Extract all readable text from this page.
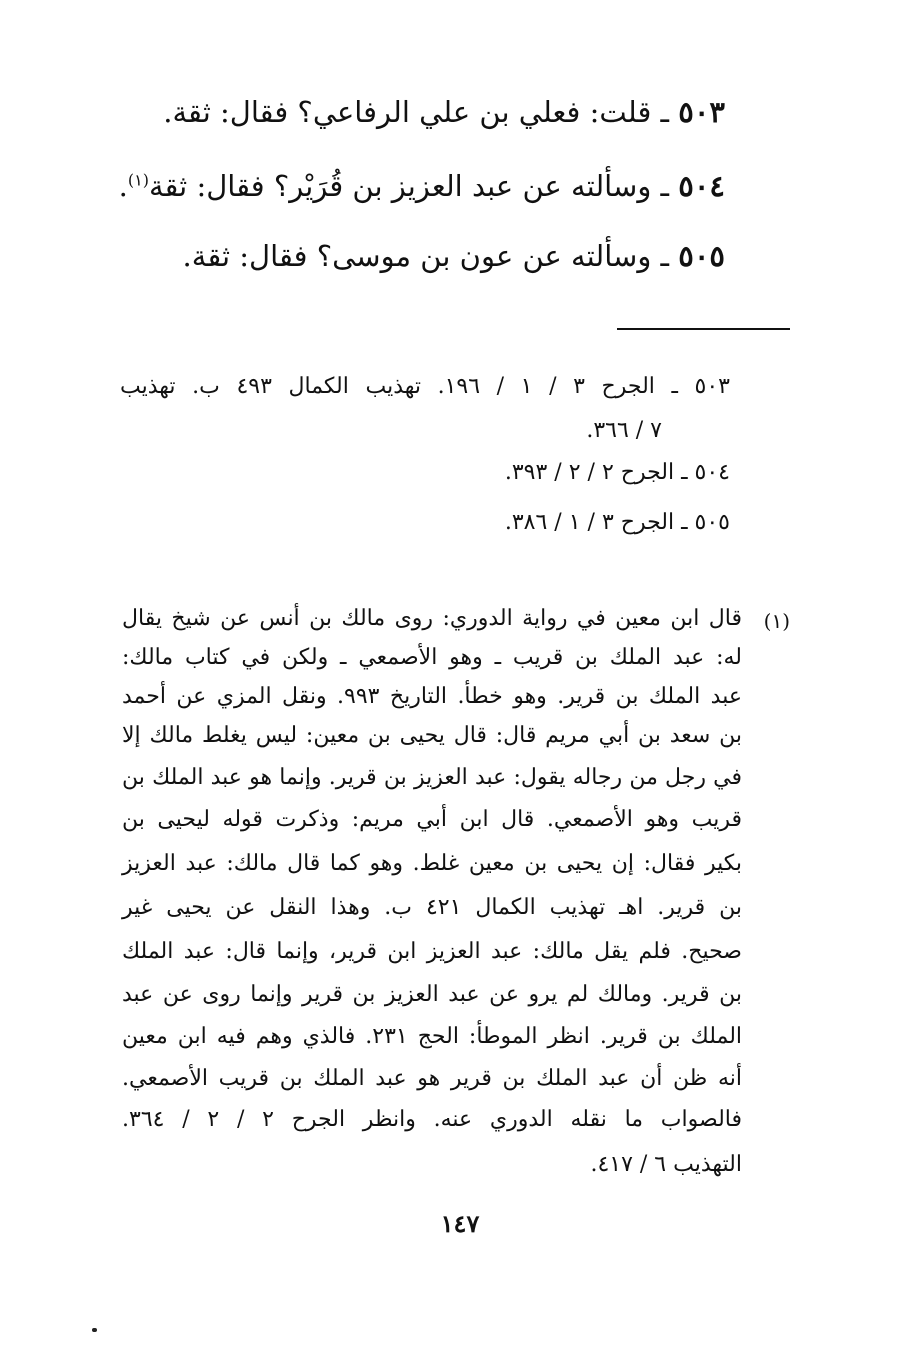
٥٠٣ ـ قلت: فعلي بن علي الرفاعي؟ فقال: ثقة.
٥٠٤ ـ وسألته عن عبد العزيز بن قُرَيْر؟ فقال: ثقة$^{(١)}$.
٥٠٥ ـ وسألته عن عون بن موسى؟ فقال: ثقة.
٥٠٣ ـ الجرح ٣ / ١ / ١٩٦. تهذيب الكمال ٤٩٣ ب. تهذيب
٧ / ٣٦٦.
٥٠٤ ـ الجرح ٢ / ٢ / ٣٩٣.
٥٠٥ ـ الجرح ٣ / ١ / ٣٨٦.
(١)
قال ابن معين في رواية الدوري: روى مالك بن أنس عن شيخ يقال
له: عبد الملك بن قريب ـ وهو الأصمعي ـ ولكن في كتاب مالك:
عبد الملك بن قرير. وهو خطأ. التاريخ ٩٩٣. ونقل المزي عن أحمد
بن سعد بن أبي مريم قال: قال يحيى بن معين: ليس يغلط مالك إلا
في رجل من رجاله يقول: عبد العزيز بن قرير. وإنما هو عبد الملك بن
قريب وهو الأصمعي. قال ابن أبي مريم: وذكرت قوله ليحيى بن
بكير فقال: إن يحيى بن معين غلط. وهو كما قال مالك: عبد العزيز
بن قرير. اهـ تهذيب الكمال ٤٢١ ب. وهذا النقل عن يحيى غير
صحيح. فلم يقل مالك: عبد العزيز ابن قرير، وإنما قال: عبد الملك
بن قرير. ومالك لم يرو عن عبد العزيز بن قرير وإنما روى عن عبد
الملك بن قرير. انظر الموطأ: الحج ٢٣١. فالذي وهم فيه ابن معين
أنه ظن أن عبد الملك بن قرير هو عبد الملك بن قريب الأصمعي.
فالصواب ما نقله الدوري عنه. وانظر الجرح ٢ / ٢ / ٣٦٤.
التهذيب ٦ / ٤١٧.
١٤٧
